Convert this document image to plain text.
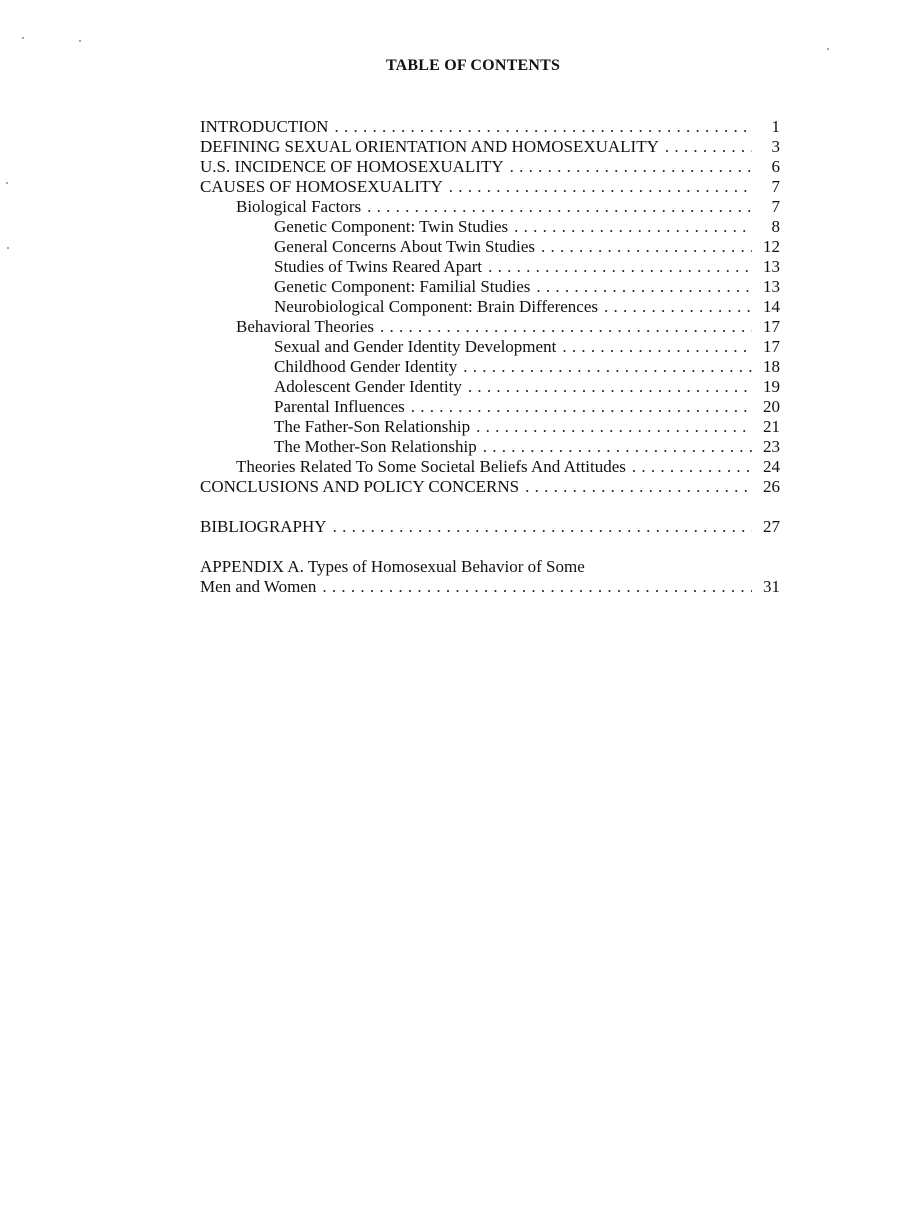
TABLE OF CONTENTS
INTRODUCTION . . .	1
DEFINING SEXUAL ORIENTATION AND HOMOSEXUALITY . . .	3
U.S. INCIDENCE OF HOMOSEXUALITY . . .	6
CAUSES OF HOMOSEXUALITY . . .	7
Biological Factors . . .	7
Genetic Component: Twin Studies . . .	8
General Concerns About Twin Studies . . .	12
Studies of Twins Reared Apart . . .	13
Genetic Component: Familial Studies . . .	13
Neurobiological Component: Brain Differences . . .	14
Behavioral Theories . . .	17
Sexual and Gender Identity Development . . .	17
Childhood Gender Identity . . .	18
Adolescent Gender Identity . . .	19
Parental Influences . . .	20
The Father-Son Relationship . . .	21
The Mother-Son Relationship . . .	23
Theories Related To Some Societal Beliefs And Attitudes . . .	24
CONCLUSIONS AND POLICY CONCERNS . . .	26
BIBLIOGRAPHY . . .	27
APPENDIX A. Types of Homosexual Behavior of Some
Men and Women . . .	31
